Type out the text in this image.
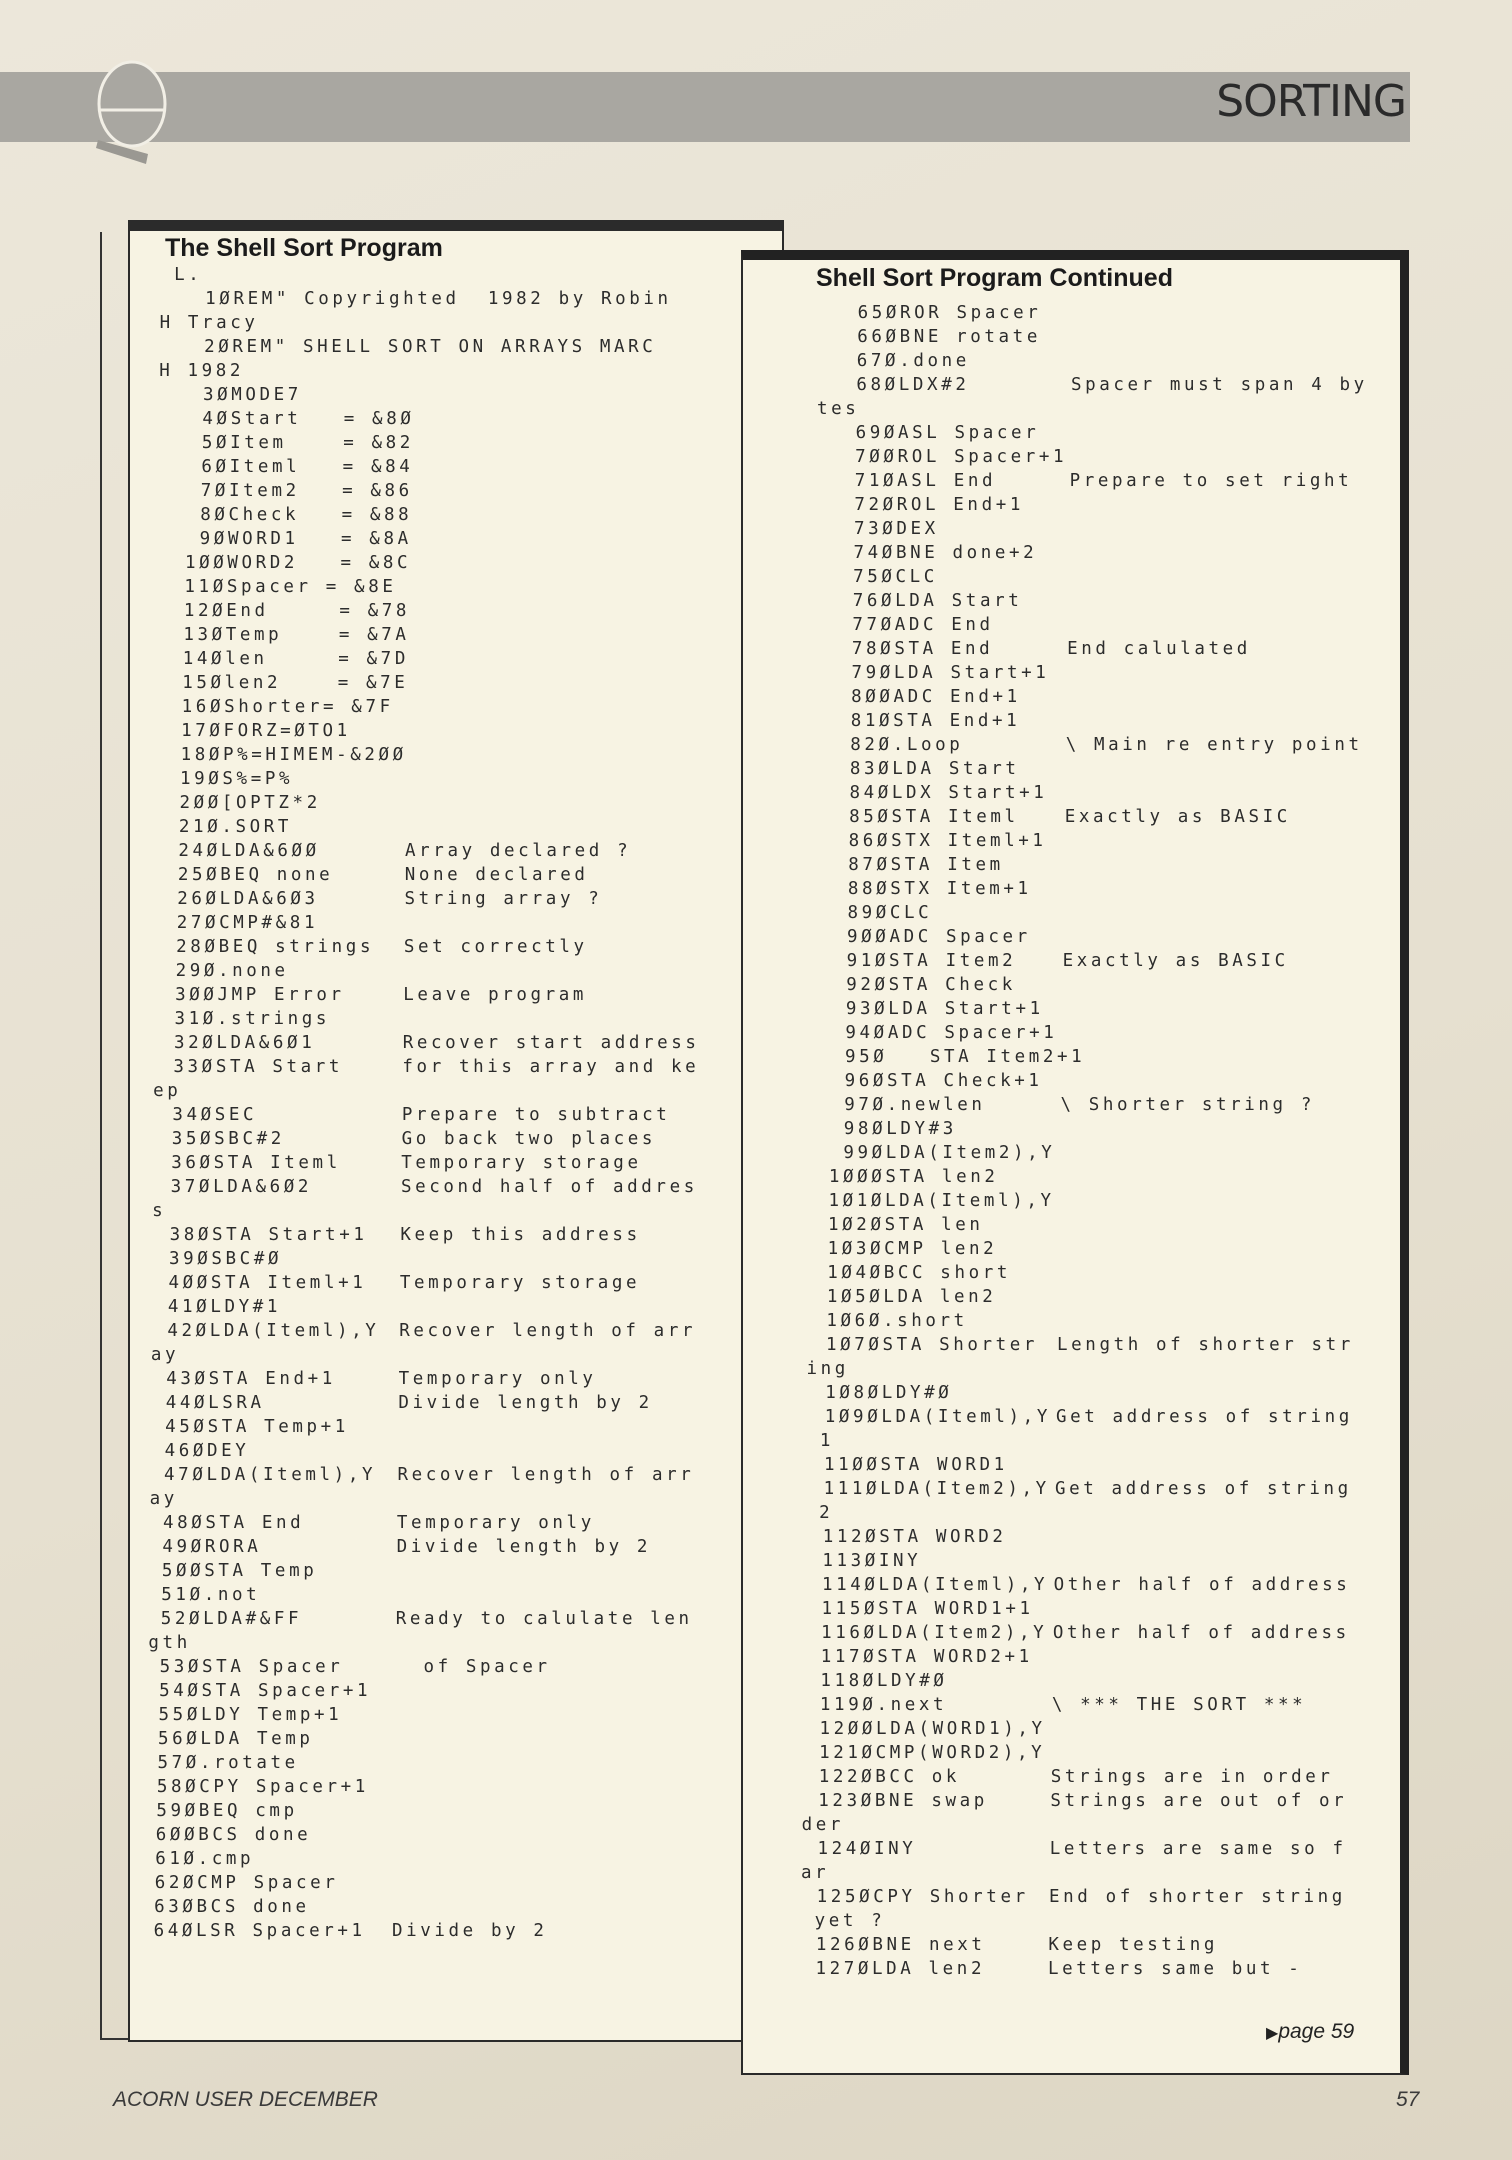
SORTING
The Shell Sort Program
Shell Sort Program Continued
L.
1ØREM" Copyrighted  1982 by Robin
H Tracy
2ØREM" SHELL SORT ON ARRAYS MARC
H 1982
3ØMODE7
4ØStart   = &8Ø
5ØItem    = &82
6ØIteml   = &84
7ØItem2   = &86
8ØCheck   = &88
9ØWORD1   = &8A
1ØØWORD2   = &8C
11ØSpacer = &8E
12ØEnd     = &78
13ØTemp    = &7A
14Ølen     = &7D
15Ølen2    = &7E
16ØShorter= &7F
17ØFORZ=ØTO1
18ØP%=HIMEM-&2ØØ
19ØS%=P%
2ØØ[OPTZ*2
21Ø.SORT
24ØLDA&6ØØ	Array declared ?
25ØBEQ none	None declared
26ØLDA&6Ø3	String array ?
27ØCMP#&81
28ØBEQ strings Set correctly
29Ø.none
3ØØJMP Error	Leave program
31Ø.strings
32ØLDA&6Ø1	Recover start address
33ØSTA Start	for this array and ke
ep
34ØSEC	Prepare to subtract
35ØSBC#2	Go back two places
36ØSTA Iteml	Temporary storage
37ØLDA&6Ø2	Second half of addres
s
38ØSTA Start+1 Keep this address
39ØSBC#Ø
4ØØSTA Iteml+1 Temporary storage
41ØLDY#1
42ØLDA(Iteml),Y Recover length of arr
ay
43ØSTA End+1	Temporary only
44ØLSRA	Divide length by 2
45ØSTA Temp+1
46ØDEY
47ØLDA(Iteml),Y Recover length of arr
ay
48ØSTA End	Temporary only
49ØRORA	Divide length by 2
5ØØSTA Temp
51Ø.not
52ØLDA#&FF	Ready to calulate len
gth
53ØSTA Spacer	of Spacer
54ØSTA Spacer+1
55ØLDY Temp+1
56ØLDA Temp
57Ø.rotate
58ØCPY Spacer+1
59ØBEQ cmp
6ØØBCS done
61Ø.cmp
62ØCMP Spacer
63ØBCS done
64ØLSR Spacer+1 Divide by 2
65ØROR Spacer
66ØBNE rotate
67Ø.done
68ØLDX#2	Spacer must span 4 by
tes
69ØASL Spacer
7ØØROL Spacer+1
71ØASL End	Prepare to set right
72ØROL End+1
73ØDEX
74ØBNE done+2
75ØCLC
76ØLDA Start
77ØADC End
78ØSTA End	End calulated
79ØLDA Start+1
8ØØADC End+1
81ØSTA End+1
82Ø.Loop	\ Main re entry point
83ØLDA Start
84ØLDX Start+1
85ØSTA Iteml	Exactly as BASIC
86ØSTX Iteml+1
87ØSTA Item
88ØSTX Item+1
89ØCLC
9ØØADC Spacer
91ØSTA Item2	Exactly as BASIC
92ØSTA Check
93ØLDA Start+1
94ØADC Spacer+1
95Ø   STA Item2+1
96ØSTA Check+1
97Ø.newlen	\ Shorter string ?
98ØLDY#3
99ØLDA(Item2),Y
1ØØØSTA len2
1Ø1ØLDA(Iteml),Y
1Ø2ØSTA len
1Ø3ØCMP len2
1Ø4ØBCC short
1Ø5ØLDA len2
1Ø6Ø.short
1Ø7ØSTA Shorter Length of shorter str
ing
1Ø8ØLDY#Ø
1Ø9ØLDA(Iteml),Y Get address of string
1
11ØØSTA WORD1
111ØLDA(Item2),Y Get address of string
2
112ØSTA WORD2
113ØINY
114ØLDA(Iteml),Y Other half of address
115ØSTA WORD1+1
116ØLDA(Item2),Y Other half of address
117ØSTA WORD2+1
118ØLDY#Ø
119Ø.next	\ *** THE SORT ***
12ØØLDA(WORD1),Y
121ØCMP(WORD2),Y
122ØBCC ok	Strings are in order
123ØBNE swap	Strings are out of or
der
124ØINY	Letters are same so f
ar
125ØCPY Shorter End of shorter string
yet ?
126ØBNE next	Keep testing
127ØLDA len2	Letters same but -
▶page 59
ACORN USER DECEMBER	57
